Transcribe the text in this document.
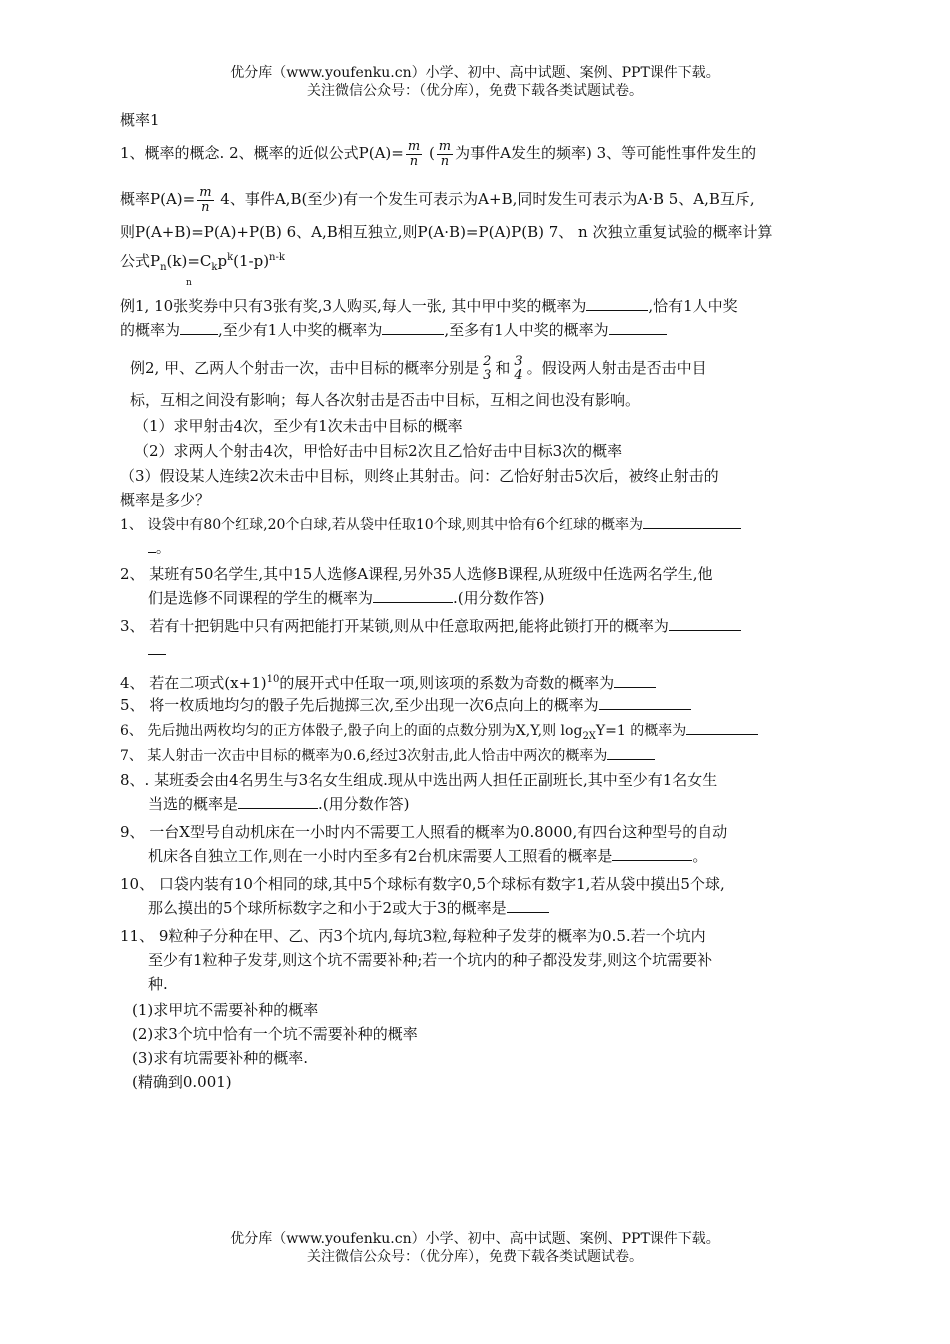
优分库（www.youfenku.cn）小学、初中、高中试题、案例、PPT课件下载。
关注微信公众号：（优分库），免费下载各类试题试卷。
概率1
1、概率的概念. 2、概率的近似公式$P(A)= \frac{m}{n}$ ( $\frac{m}{n}$ 为事件A发生的频率) 3、等可能性事件发生的
概率$P(A)= \frac{m}{n} 4$、事件A,B(至少)有一个发生可表示为A+B,同时发生可表示为A·B 5、A,B互斥,
则P(A+B)=P(A)+P(B) 6、A,B相互独立,则P(A·B)=P(A)P(B) 7、 n 次独立重复试验的概率计算
公式$P_n(k)=C_kp^k(1-p)^{n-k}$
n
例1, 10张奖券中只有3张有奖,3人购买,每人一张, 其中甲中奖的概率为	,恰有1人中奖
的概率为	,至少有1人中奖的概率为	,至多有1人中奖的概率为
例2, 甲、乙两人个射击一次，击中目标的概率分别是 2
3 和 3
4 。假设两人射击是否击中目
标，互相之间没有影响；每人各次射击是否击中目标，互相之间也没有影响。
（1）求甲射击4次，至少有1次未击中目标的概率
（2）求两人个射击4次，甲恰好击中目标2次且乙恰好击中目标3次的概率
（3）假设某人连续2次未击中目标，则终止其射击。问：乙恰好射击5次后，被终止射击的
概率是多少？
1、 设袋中有80个红球,20个白球,若从袋中任取10个球,则其中恰有6个红球的概率为
。
2、 某班有50名学生,其中15人选修A课程,另外35人选修B课程,从班级中任选两名学生,他
们是选修不同课程的学生的概率为	.(用分数作答)
3、 若有十把钥匙中只有两把能打开某锁,则从中任意取两把,能将此锁打开的概率为
4、 若在二项式$(x+1)^{10}$的展开式中任取一项,则该项的系数为奇数的概率为
5、 将一枚质地均匀的骰子先后抛掷三次,至少出现一次6点向上的概率为
6、 先后抛出两枚均匀的正方体骰子,骰子向上的面的点数分别为X,Y,则 $\log_{2X}Y=1$ 的概率为
7、 某人射击一次击中目标的概率为0.6,经过3次射击,此人恰击中两次的概率为
8、. 某班委会由4名男生与3名女生组成.现从中选出两人担任正副班长,其中至少有1名女生
当选的概率是	.(用分数作答)
9、 一台X型号自动机床在一小时内不需要工人照看的概率为0.8000,有四台这种型号的自动
机床各自独立工作,则在一小时内至多有2台机床需要人工照看的概率是	。
10、 口袋内装有10个相同的球,其中5个球标有数字0,5个球标有数字1,若从袋中摸出5个球,
那么摸出的5个球所标数字之和小于2或大于3的概率是
11、 9粒种子分种在甲、乙、丙3个坑内,每坑3粒,每粒种子发芽的概率为0.5.若一个坑内
至少有1粒种子发芽,则这个坑不需要补种;若一个坑内的种子都没发芽,则这个坑需要补
种.
(1)求甲坑不需要补种的概率
(2)求3个坑中恰有一个坑不需要补种的概率
(3)求有坑需要补种的概率.
(精确到0.001)
优分库（www.youfenku.cn）小学、初中、高中试题、案例、PPT课件下载。
关注微信公众号：（优分库），免费下载各类试题试卷。
